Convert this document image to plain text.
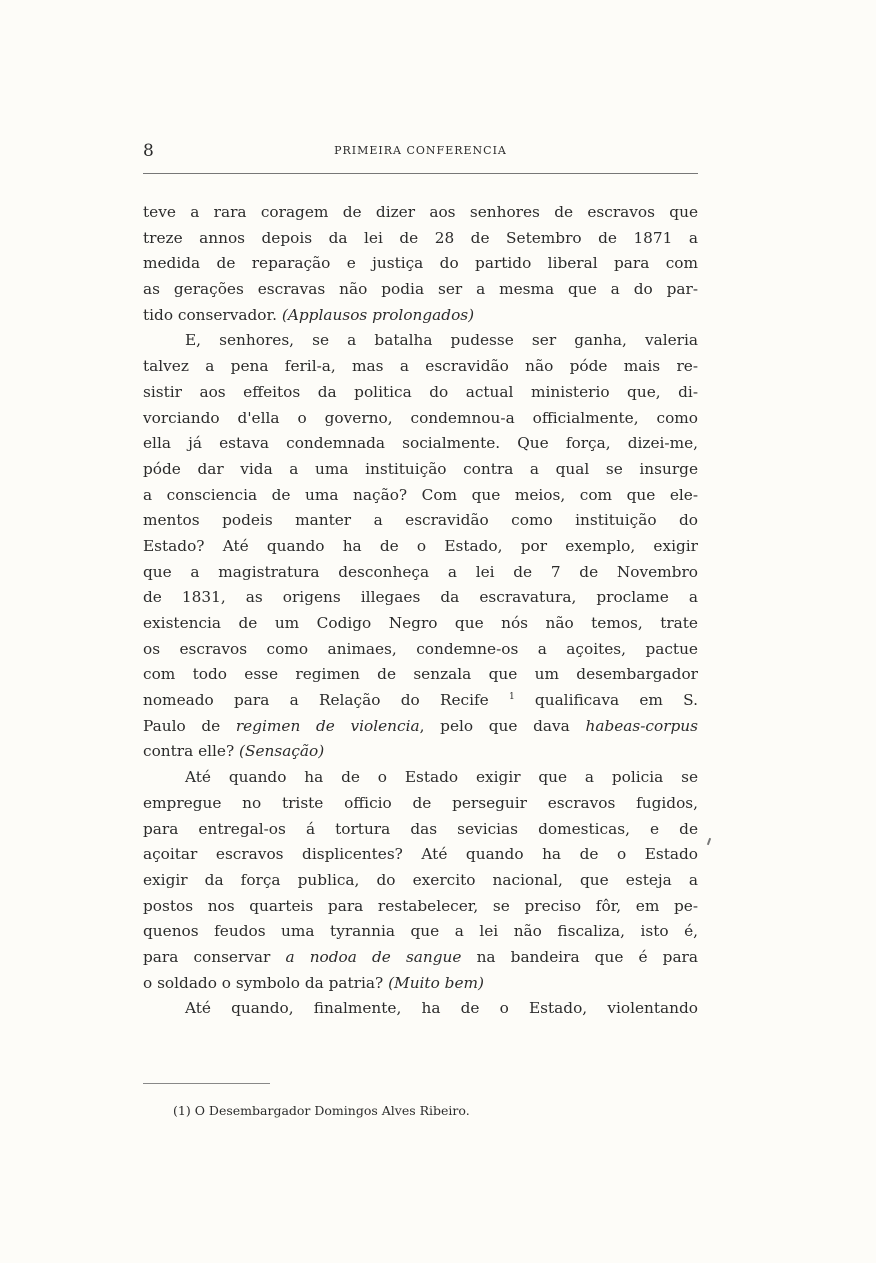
8	PRIMEIRA CONFERENCIA
teve a rara coragem de dizer aos senhores de escravos que
treze annos depois da lei de 28 de Setembro de 1871 a
medida de reparação e justiça do partido liberal para com
as gerações escravas não podia ser a mesma que a do par-
tido conservador. (Applausos prolongados)
E, senhores, se a batalha pudesse ser ganha, valeria
talvez a pena feril-a, mas a escravidão não póde mais re-
sistir aos effeitos da politica do actual ministerio que, di-
vorciando d'ella o governo, condemnou-a officialmente, como
ella já estava condemnada socialmente. Que força, dizei-me,
póde dar vida a uma instituição contra a qual se insurge
a consciencia de uma nação? Com que meios, com que ele-
mentos podeis manter a escravidão como instituição do
Estado? Até quando ha de o Estado, por exemplo, exigir
que a magistratura desconheça a lei de 7 de Novembro
de 1831, as origens illegaes da escravatura, proclame a
existencia de um Codigo Negro que nós não temos, trate
os escravos como animaes, condemne-os a açoites, pactue
com todo esse regimen de senzala que um desembargador
nomeado para a Relação do Recife $^1$ qualificava em S.
Paulo de regimen de violencia, pelo que dava habeas-corpus
contra elle? (Sensação)
Até quando ha de o Estado exigir que a policia se
empregue no triste officio de perseguir escravos fugidos,
para entregal-os á tortura das sevicias domesticas, e de
açoitar escravos displicentes? Até quando ha de o Estado
exigir da força publica, do exercito nacional, que esteja a
postos nos quarteis para restabelecer, se preciso fôr, em pe-
quenos feudos uma tyrannia que a lei não fiscaliza, isto é,
para conservar a nodoa de sangue na bandeira que é para
o soldado o symbolo da patria? (Muito bem)
Até quando, finalmente, ha de o Estado, violentando
(1) O Desembargador Domingos Alves Ribeiro.
